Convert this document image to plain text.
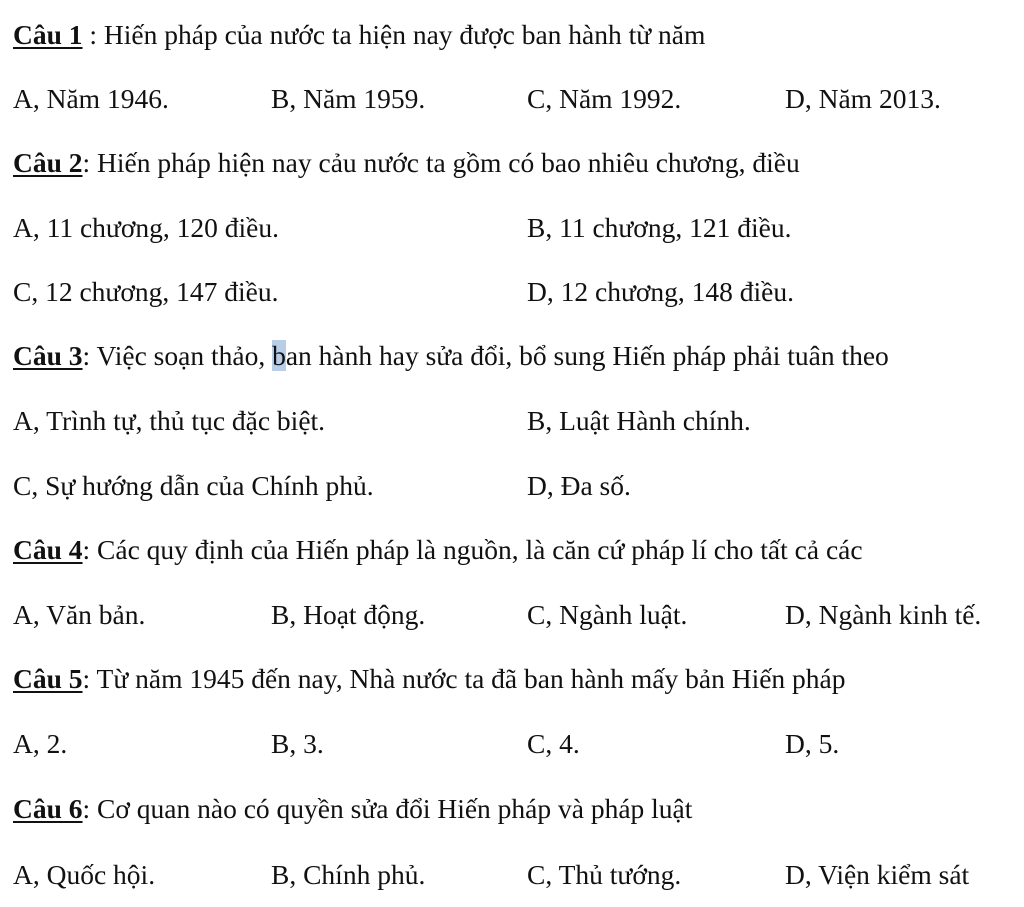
Câu 1 : Hiến pháp của nước ta hiện nay được ban hành từ năm
A, Năm 1946.	B, Năm 1959.	C, Năm 1992.	D, Năm 2013.
Câu 2: Hiến pháp hiện nay cảu nước ta gồm có bao nhiêu chương, điều
A, 11 chương, 120 điều.	B, 11 chương, 121 điều.
C, 12 chương, 147 điều.	D, 12 chương, 148 điều.
Câu 3: Việc soạn thảo, ban hành hay sửa đổi, bổ sung Hiến pháp phải tuân theo
A, Trình tự, thủ tục đặc biệt.	B, Luật Hành chính.
C, Sự hướng dẫn của Chính phủ.	D, Đa số.
Câu 4: Các quy định của Hiến pháp là nguồn, là căn cứ pháp lí cho tất cả các
A, Văn bản.	B, Hoạt động.	C, Ngành luật.	D, Ngành kinh tế.
Câu 5: Từ năm 1945 đến nay, Nhà nước ta đã ban hành mấy bản Hiến pháp
A, 2.	B, 3.	C, 4.	D, 5.
Câu 6: Cơ quan nào có quyền sửa đổi Hiến pháp và pháp luật
A, Quốc hội.	B, Chính phủ.	C, Thủ tướng.	D, Viện kiểm sát
